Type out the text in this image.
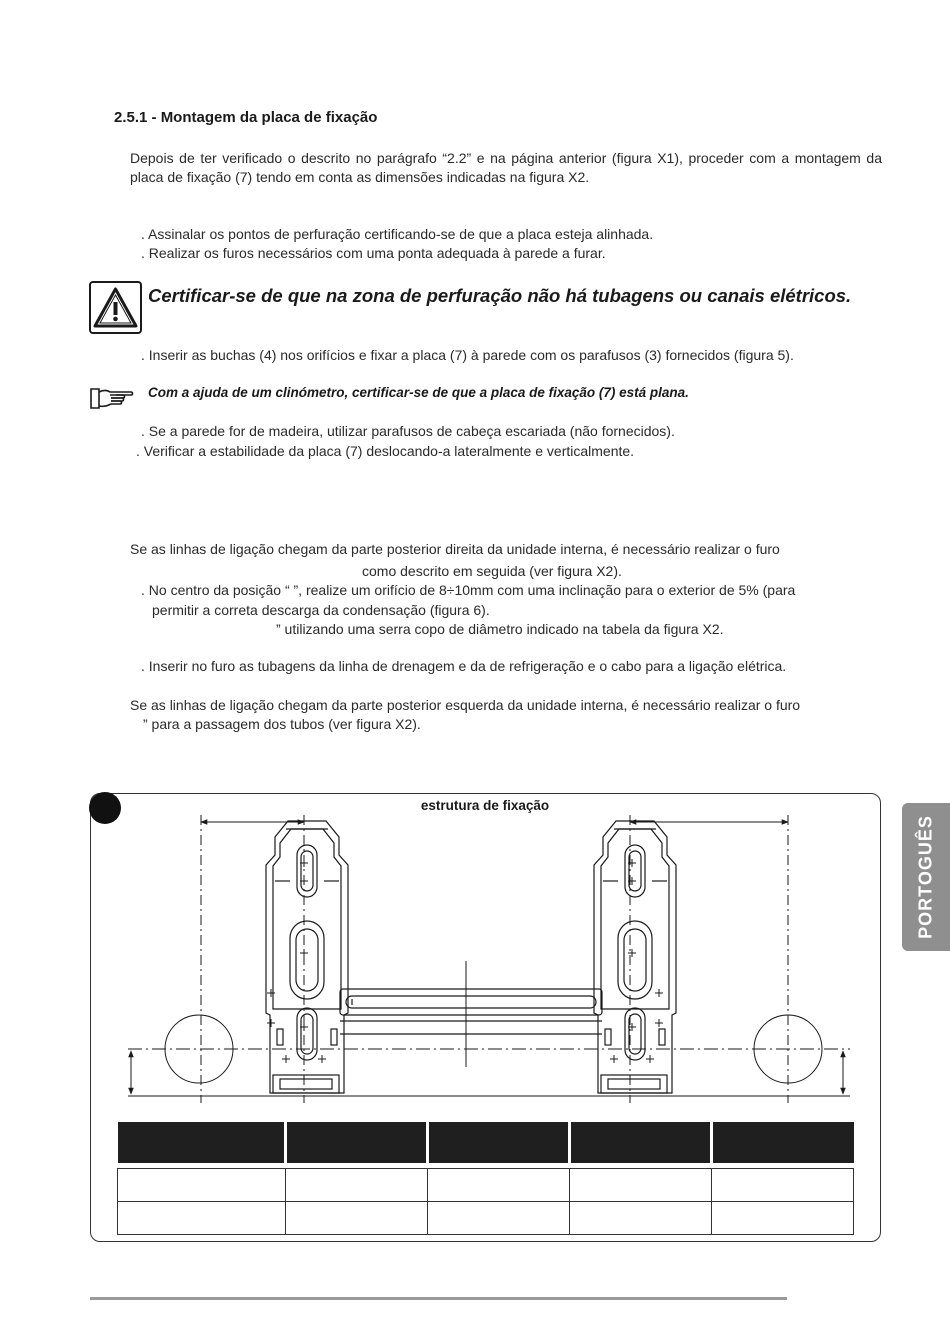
2.5.1 - Montagem da placa de fixação
Depois de ter verificado o descrito no parágrafo “2.2” e na página anterior (figura X1), proceder com a montagem da placa de fixação (7) tendo em conta as dimensões indicadas na figura X2.
. Assinalar os pontos de perfuração certificando-se de que a placa esteja alinhada.
. Realizar os furos necessários com uma ponta adequada à parede a furar.
Certificar-se de que na zona de perfuração não há tubagens ou canais elétricos.
. Inserir as buchas (4) nos orifícios e fixar a placa (7) à parede com os parafusos (3) fornecidos (figura 5).
Com a ajuda de um clinómetro, certificar-se de que a placa de fixação (7) está plana.
. Se a parede for de madeira, utilizar parafusos de cabeça escariada (não fornecidos).
. Verificar a estabilidade da placa (7) deslocando-a lateralmente e verticalmente.
Se as linhas de ligação chegam da parte posterior direita da unidade interna, é necessário realizar o furo
como descrito em seguida (ver figura X2).
. No centro da posição “ ”, realize um orifício de 8÷10mm com uma inclinação para o exterior de 5% (para
permitir a correta descarga da condensação (figura 6).
” utilizando uma serra copo de diâmetro indicado na tabela da figura X2.
. Inserir no furo as tubagens da linha de drenagem e da de refrigeração e o cabo para a ligação elétrica.
Se as linhas de ligação chegam da parte posterior esquerda da unidade interna, é necessário realizar o furo
” para a passagem dos tubos (ver figura X2).
PORTOGUÊS
estrutura de fixação
